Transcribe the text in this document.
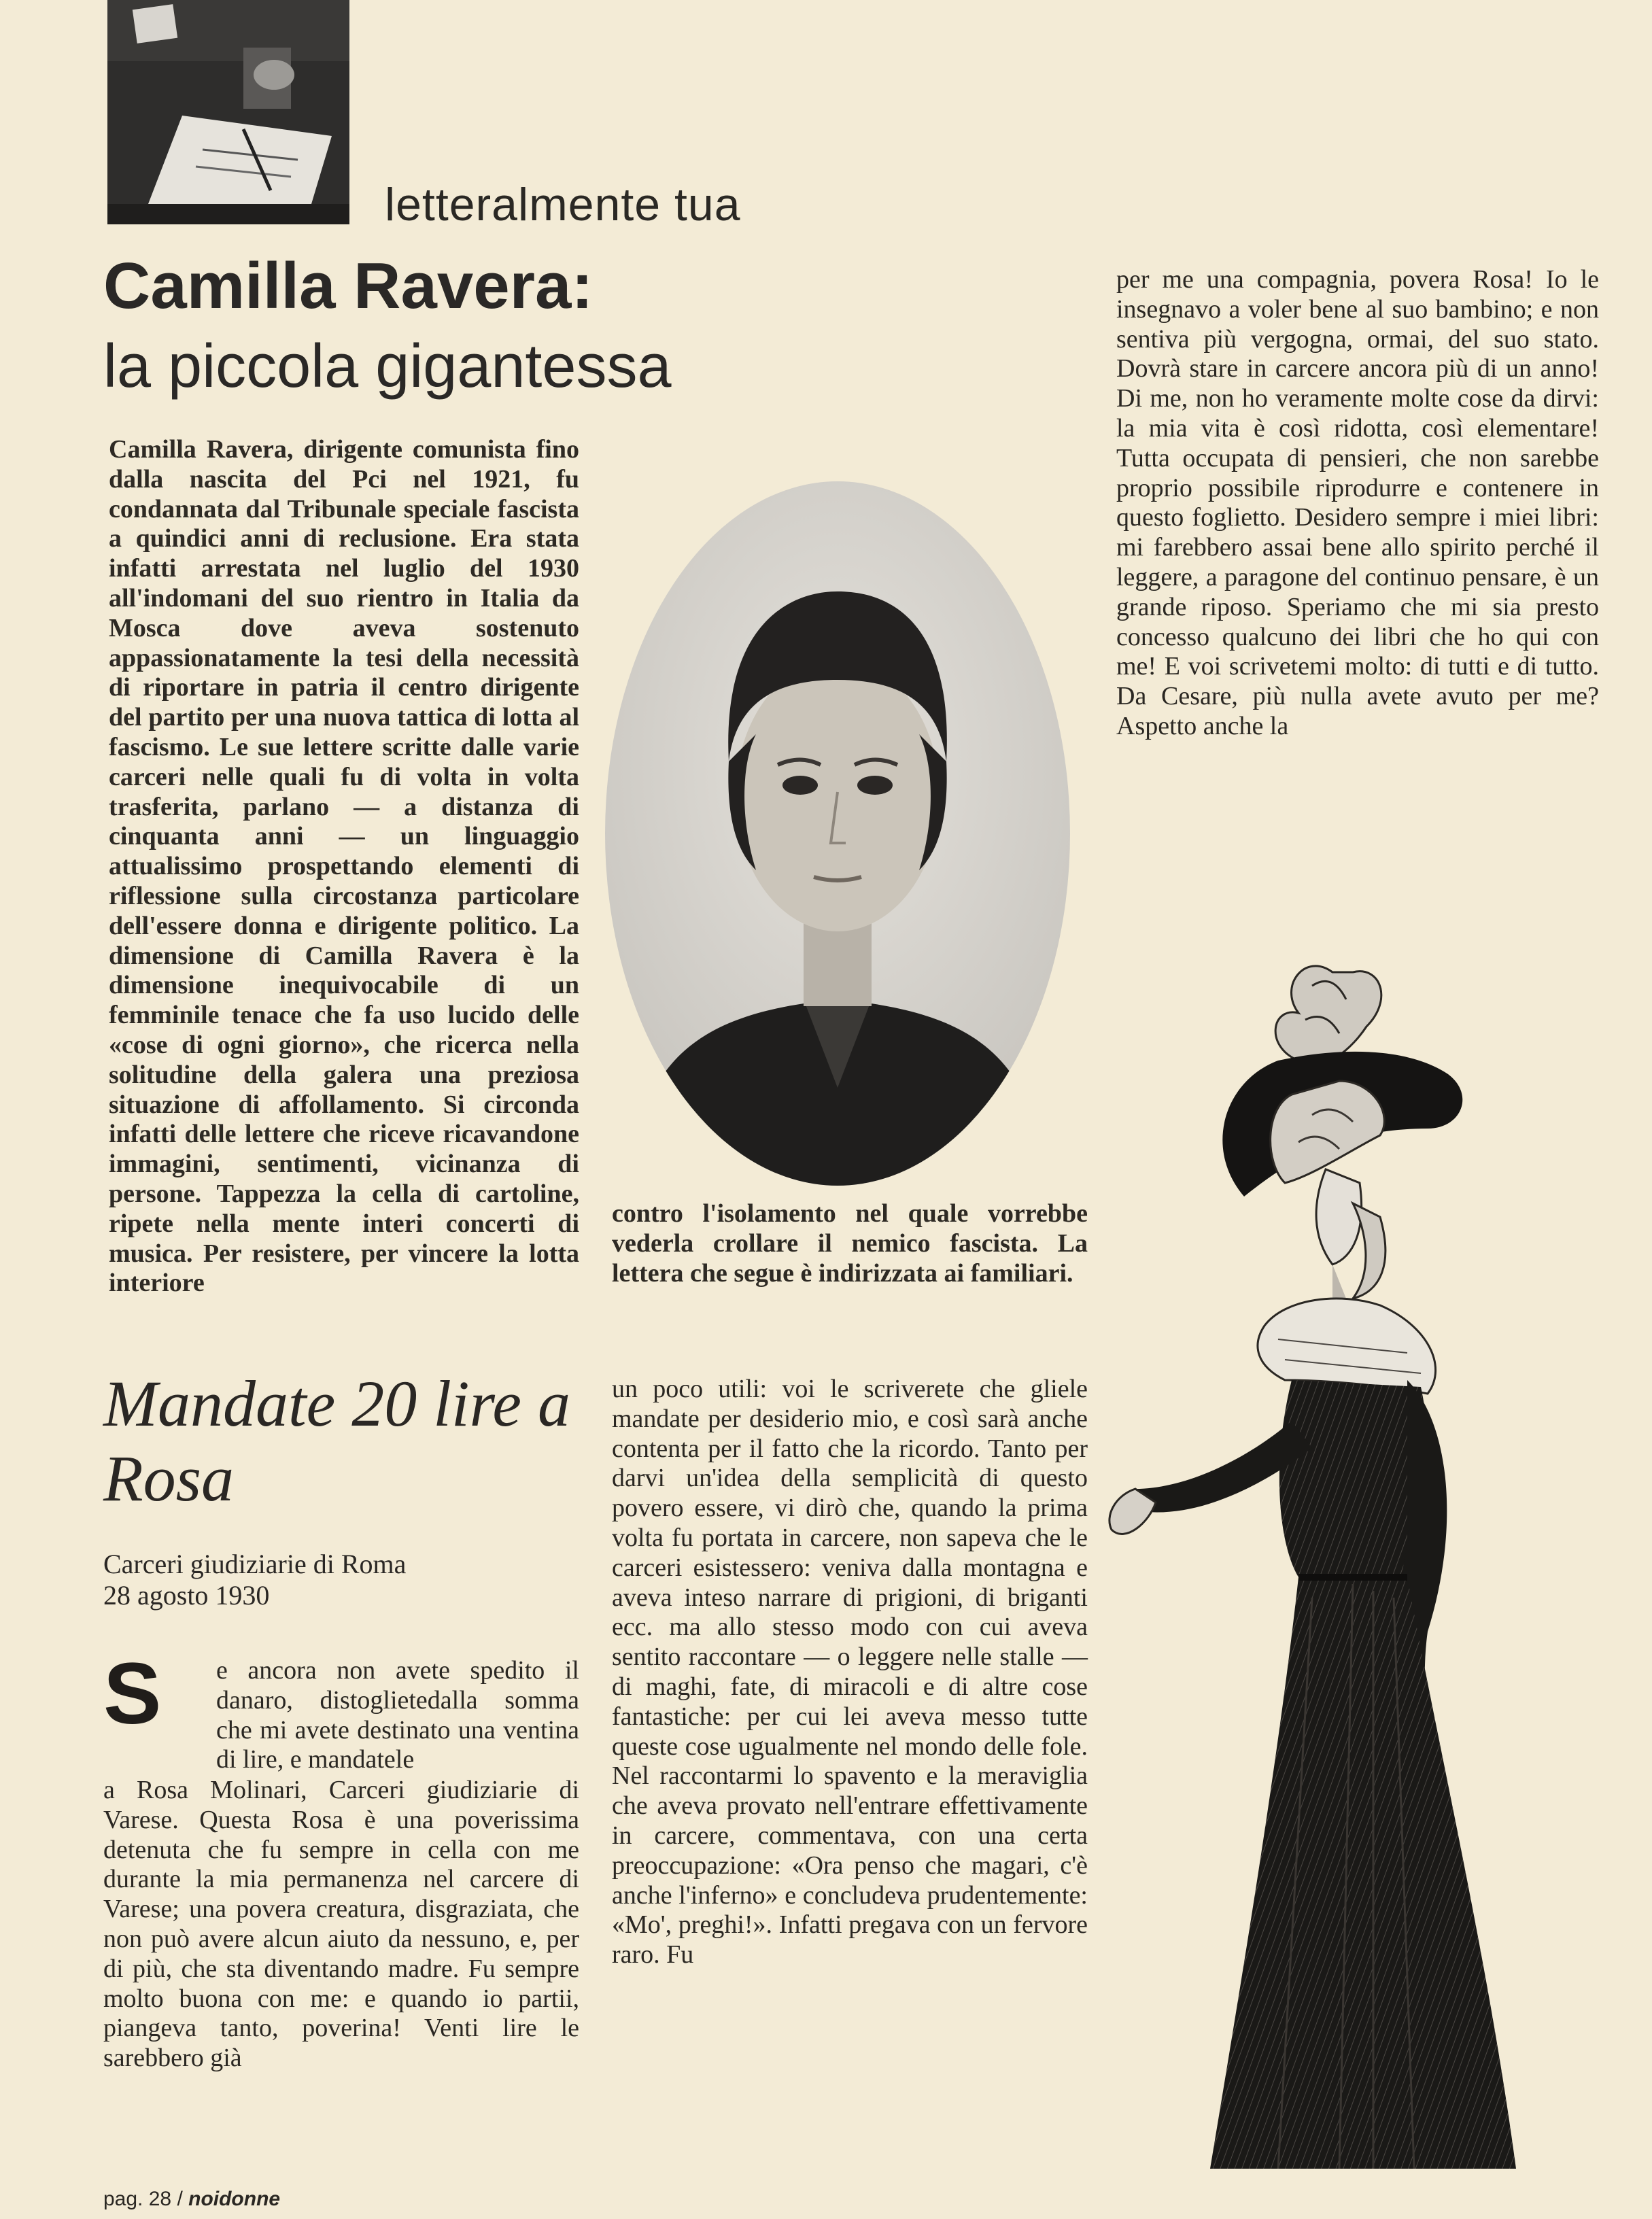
letteralmente tua
Camilla Ravera:
la piccola gigantessa

Camilla Ravera, dirigente comunista fino dalla nascita del Pci nel 1921, fu condannata dal Tribunale speciale fascista a quindici anni di reclusione. Era stata infatti arrestata nel luglio del 1930 all'indomani del suo rientro in Italia da Mosca dove aveva sostenuto appassionatamente la tesi della necessità di riportare in patria il centro dirigente del partito per una nuova tattica di lotta al fascismo. Le sue lettere scritte dalle varie carceri nelle quali fu di volta in volta trasferita, parlano — a distanza di cinquanta anni — un linguaggio attualissimo prospettando elementi di riflessione sulla circostanza particolare dell'essere donna e dirigente politico. La dimensione di Camilla Ravera è la dimensione inequivocabile di un femminile tenace che fa uso lucido delle «cose di ogni giorno», che ricerca nella solitudine della galera una preziosa situazione di affollamento. Si circonda infatti delle lettere che riceve ricavandone immagini, sentimenti, vicinanza di persone. Tappezza la cella di cartoline, ripete nella mente interi concerti di musica. Per resistere, per vincere la lotta interiore

contro l'isolamento nel quale vorrebbe vederla crollare il nemico fascista. La lettera che segue è indirizzata ai familiari.

per me una compagnia, povera Rosa! Io le insegnavo a voler bene al suo bambino; e non sentiva più vergogna, ormai, del suo stato. Dovrà stare in carcere ancora più di un anno! Di me, non ho veramente molte cose da dirvi: la mia vita è così ridotta, così elementare! Tutta occupata di pensieri, che non sarebbe proprio possibile riprodurre e contenere in questo foglietto. Desidero sempre i miei libri: mi farebbero assai bene allo spirito perché il leggere, a paragone del continuo pensare, è un grande riposo. Speriamo che mi sia presto concesso qualcuno dei libri che ho qui con me! E voi scrivetemi molto: di tutti e di tutto. Da Cesare, più nulla avete avuto per me? Aspetto anche la

Mandate 20 lire a Rosa
Carceri giudiziarie di Roma
28 agosto 1930
S e ancora non avete spedito il danaro, distoglietedalla somma che mi avete destinato una ventina di lire, e mandatele

a Rosa Molinari, Carceri giudiziarie di Varese. Questa Rosa è una poverissima detenuta che fu sempre in cella con me durante la mia permanenza nel carcere di Varese; una povera creatura, disgraziata, che non può avere alcun aiuto da nessuno, e, per di più, che sta diventando madre. Fu sempre molto buona con me: e quando io partii, piangeva tanto, poverina! Venti lire le sarebbero già

un poco utili: voi le scriverete che gliele mandate per desiderio mio, e così sarà anche contenta per il fatto che la ricordo. Tanto per darvi un'idea della semplicità di questo povero essere, vi dirò che, quando la prima volta fu portata in carcere, non sapeva che le carceri esistessero: veniva dalla montagna e aveva inteso narrare di prigioni, di briganti ecc. ma allo stesso modo con cui aveva sentito raccontare — o leggere nelle stalle — di maghi, fate, di miracoli e di altre cose fantastiche: per cui lei aveva messo tutte queste cose ugualmente nel mondo delle fole. Nel raccontarmi lo spavento e la meraviglia che aveva provato nell'entrare effettivamente in carcere, commentava, con una certa preoccupazione: «Ora penso che magari, c'è anche l'inferno» e concludeva prudentemente: «Mo', preghi!». Infatti pregava con un fervore raro. Fu

pag. 28 / noidonne
